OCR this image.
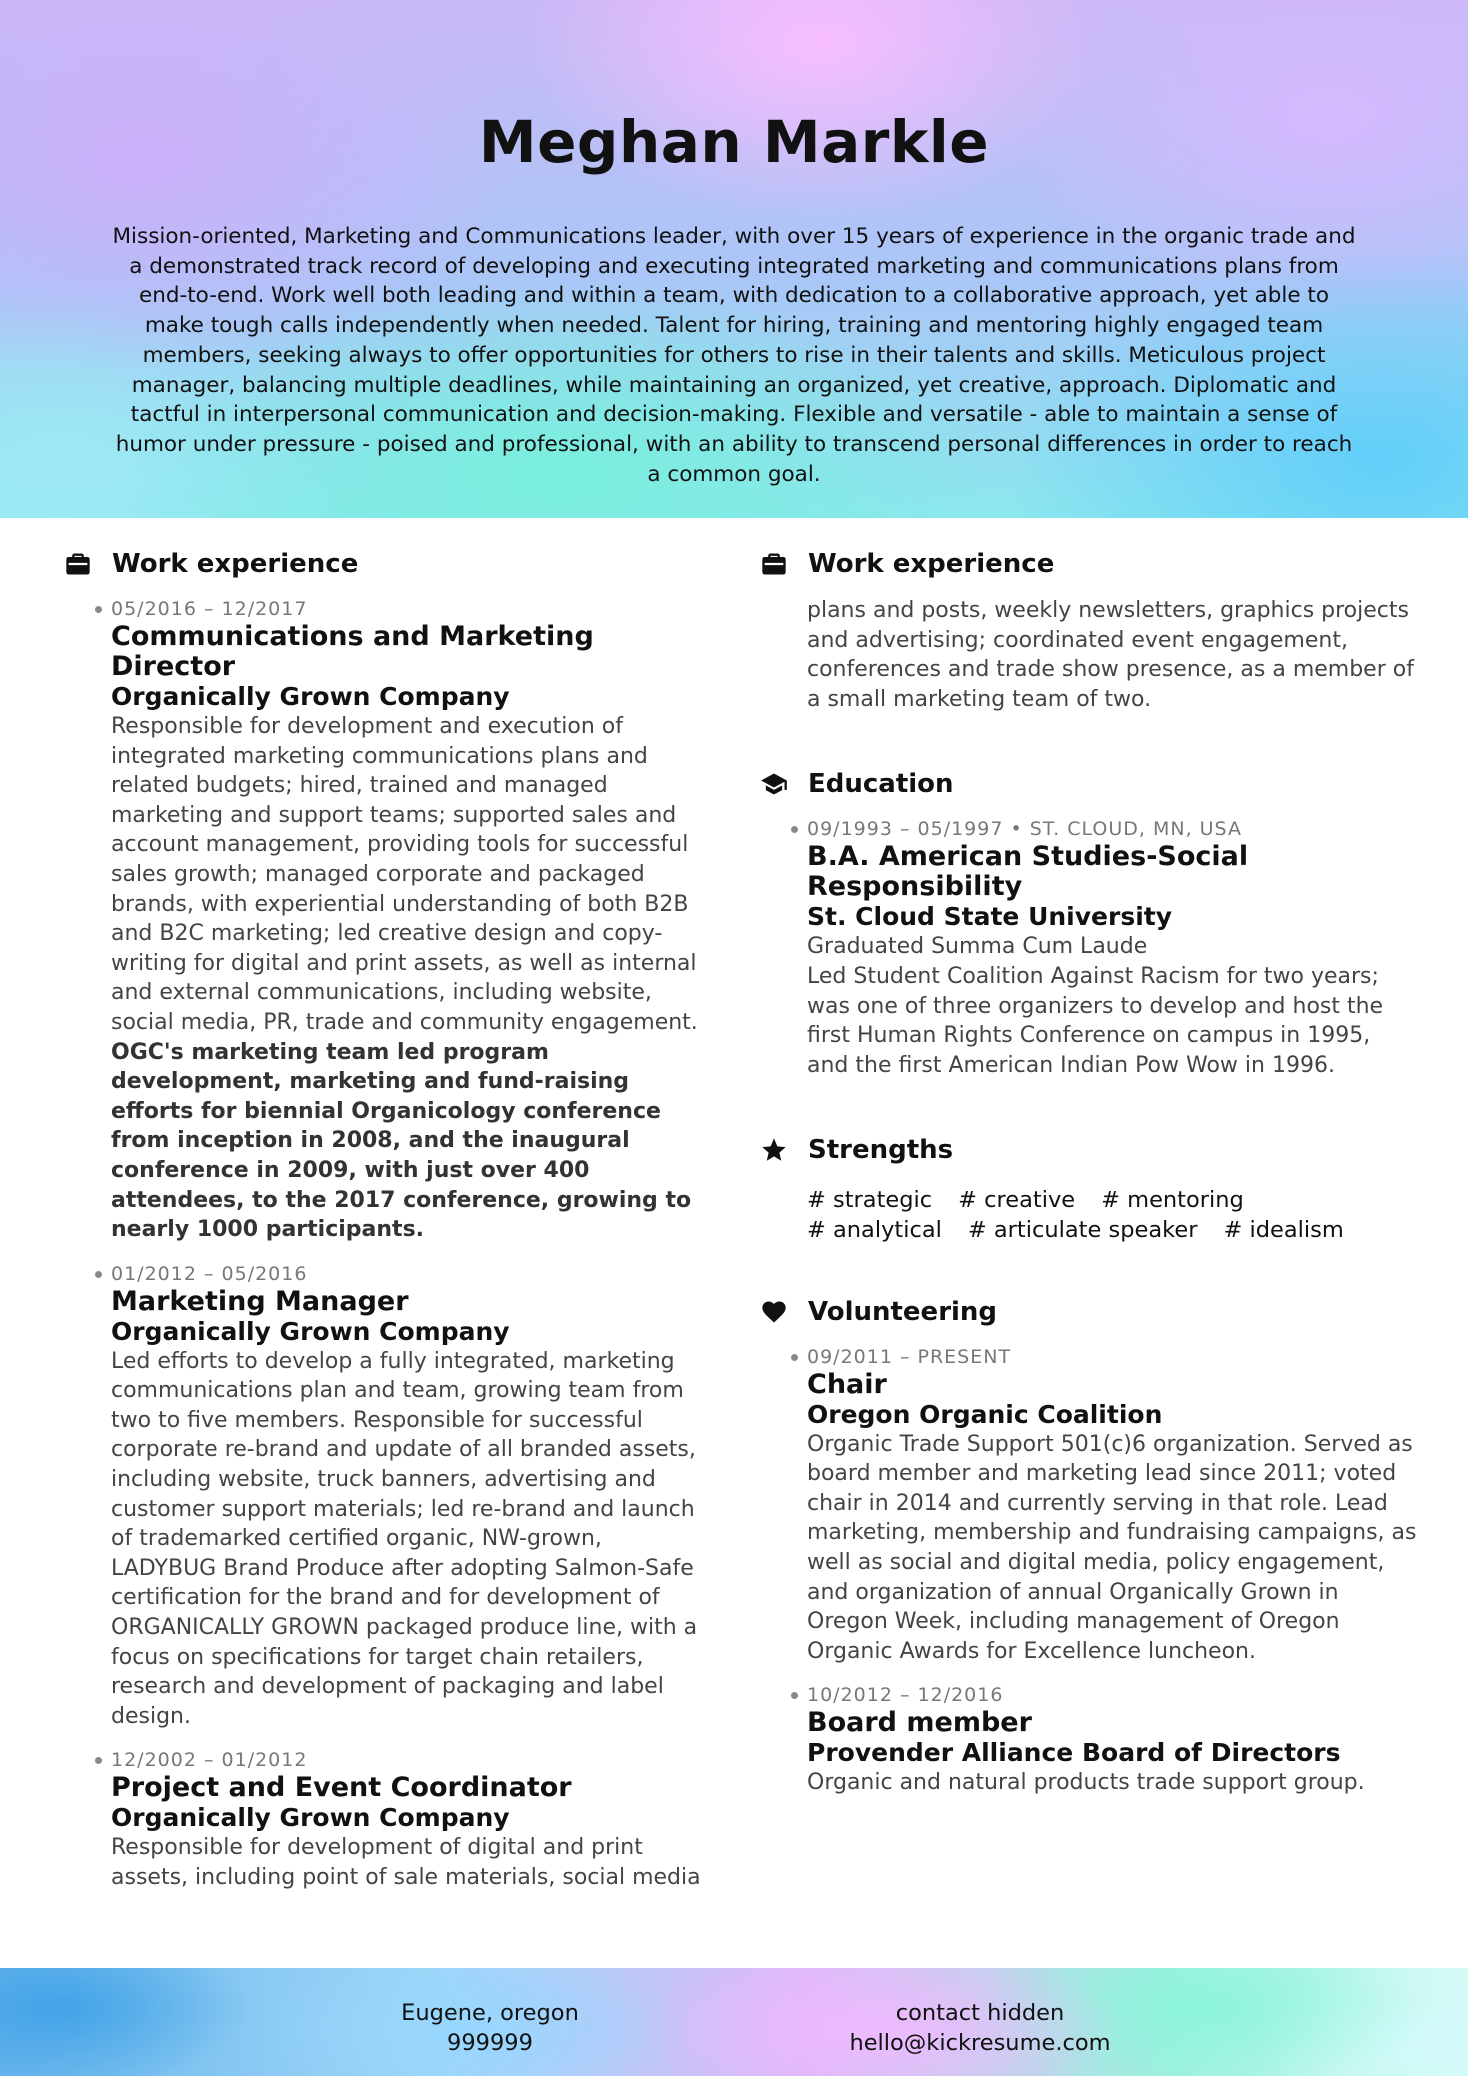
Meghan Markle
Mission-oriented, Marketing and Communications leader, with over 15 years of experience in the organic trade and a demonstrated track record of developing and executing integrated marketing and communications plans from end-to-end. Work well both leading and within a team, with dedication to a collaborative approach, yet able to make tough calls independently when needed. Talent for hiring, training and mentoring highly engaged team members, seeking always to offer opportunities for others to rise in their talents and skills. Meticulous project manager, balancing multiple deadlines, while maintaining an organized, yet creative, approach. Diplomatic and tactful in interpersonal communication and decision-making. Flexible and versatile - able to maintain a sense of humor under pressure - poised and professional, with an ability to transcend personal differences in order to reach a common goal.
Work experience
05/2016 – 12/2017
Communications and Marketing Director
Organically Grown Company
Responsible for development and execution of integrated marketing communications plans and related budgets; hired, trained and managed marketing and support teams; supported sales and account management, providing tools for successful sales growth; managed corporate and packaged brands, with experiential understanding of both B2B and B2C marketing; led creative design and copy-writing for digital and print assets, as well as internal and external communications, including website, social media, PR, trade and community engagement.
OGC's marketing team led program development, marketing and fund-raising efforts for biennial Organicology conference from inception in 2008, and the inaugural conference in 2009, with just over 400 attendees, to the 2017 conference, growing to nearly 1000 participants.
01/2012 – 05/2016
Marketing Manager
Organically Grown Company
Led efforts to develop a fully integrated, marketing communications plan and team, growing team from two to five members. Responsible for successful corporate re-brand and update of all branded assets, including website, truck banners, advertising and customer support materials; led re-brand and launch of trademarked certified organic, NW-grown, LADYBUG Brand Produce after adopting Salmon-Safe certification for the brand and for development of ORGANICALLY GROWN packaged produce line, with a focus on specifications for target chain retailers, research and development of packaging and label design.
12/2002 – 01/2012
Project and Event Coordinator
Organically Grown Company
Responsible for development of digital and print assets, including point of sale materials, social media
Work experience
plans and posts, weekly newsletters, graphics projects and advertising; coordinated event engagement, conferences and trade show presence, as a member of a small marketing team of two.
Education
09/1993 – 05/1997 • ST. CLOUD, MN, USA
B.A. American Studies-Social Responsibility
St. Cloud State University
Graduated Summa Cum Laude
Led Student Coalition Against Racism for two years; was one of three organizers to develop and host the first Human Rights Conference on campus in 1995, and the first American Indian Pow Wow in 1996.
Strengths
# strategic # creative # mentoring
# analytical # articulate speaker # idealism
Volunteering
09/2011 – PRESENT
Chair
Oregon Organic Coalition
Organic Trade Support 501(c)6 organization. Served as board member and marketing lead since 2011; voted chair in 2014 and currently serving in that role. Lead marketing, membership and fundraising campaigns, as well as social and digital media, policy engagement, and organization of annual Organically Grown in Oregon Week, including management of Oregon Organic Awards for Excellence luncheon.
10/2012 – 12/2016
Board member
Provender Alliance Board of Directors
Organic and natural products trade support group.
Eugene, oregon 999999
contact hidden
hello@kickresume.com
